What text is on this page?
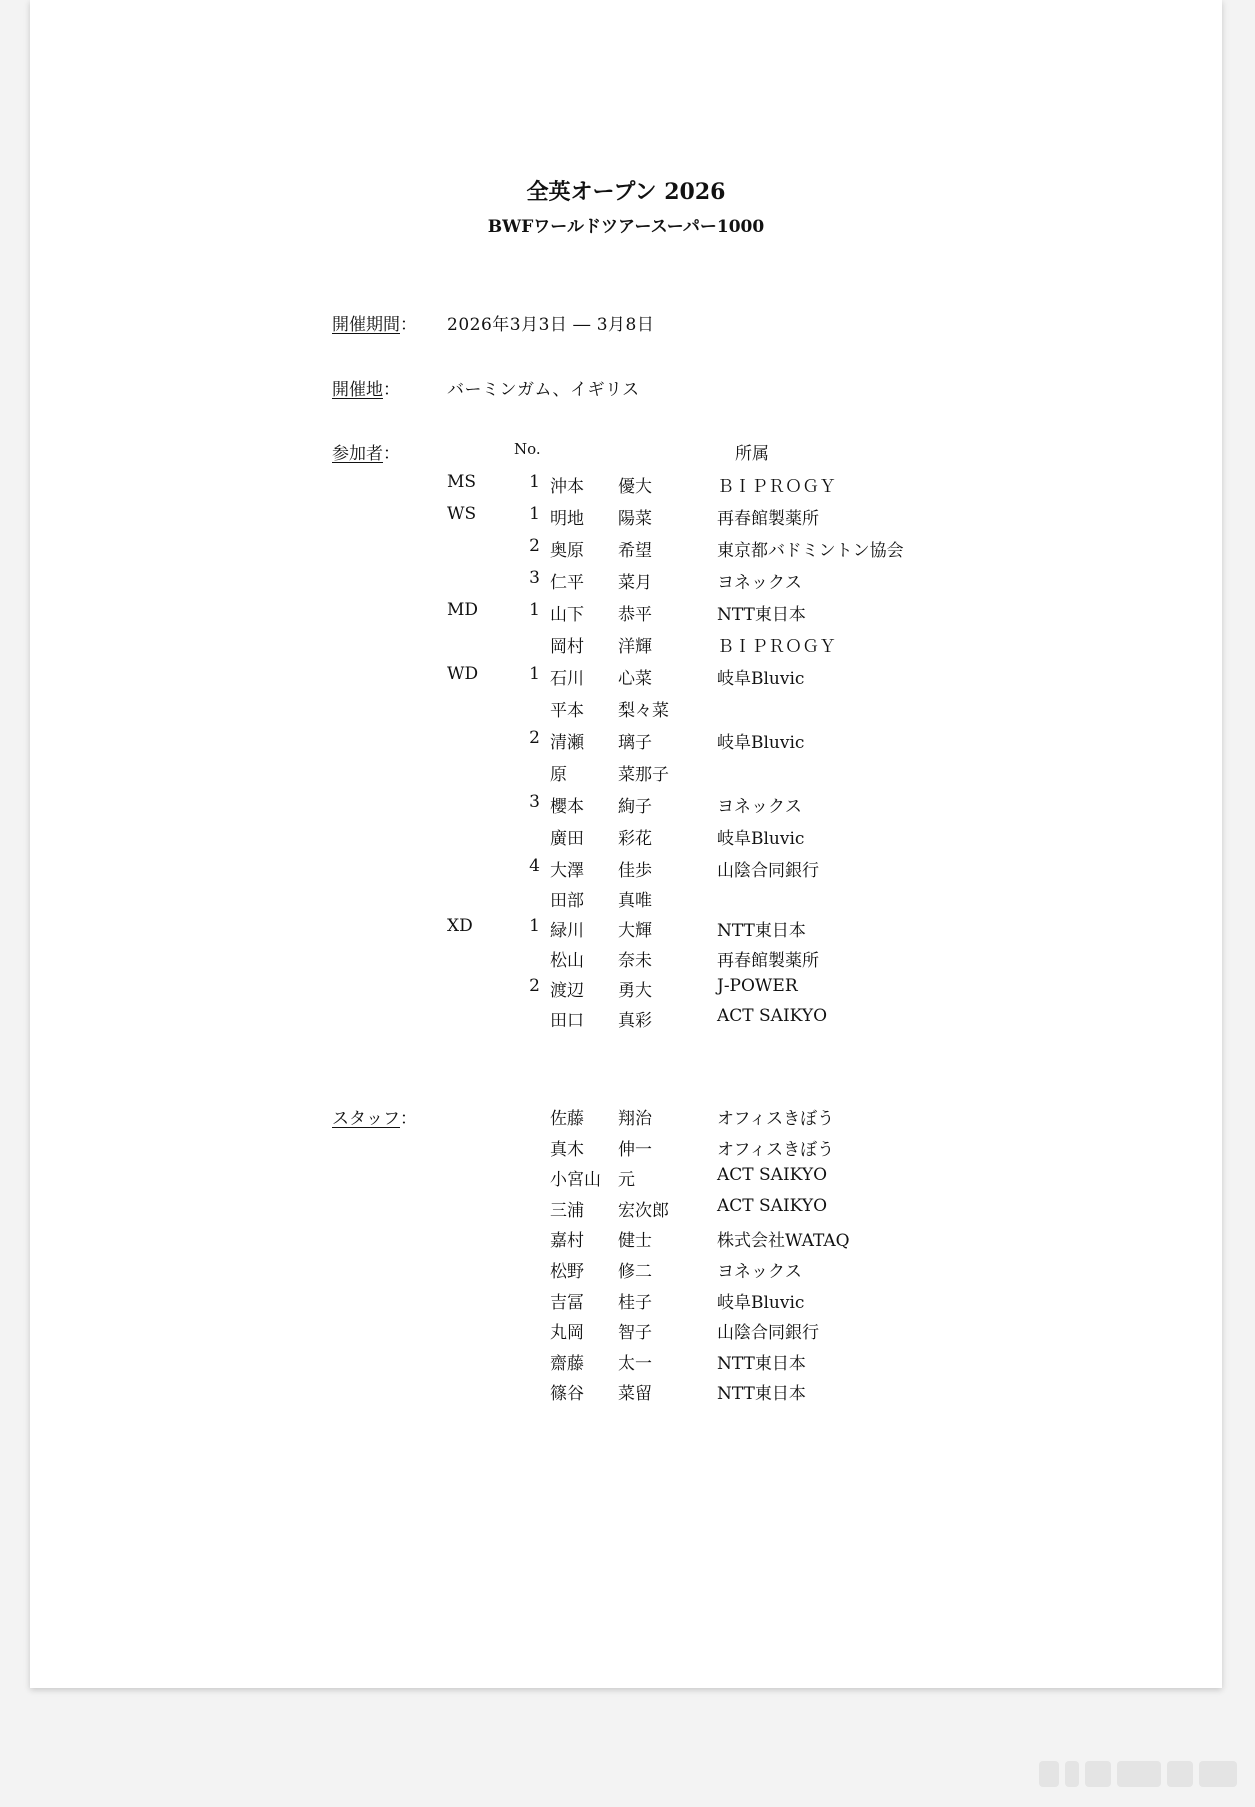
全英オープン 2026
BWFワールドツアースーパー1000
開催期間： 2026年3月3日 ― 3月8日
開催地：	バーミンガム、イギリス
参加者：	No.	所属
MS	1 沖本 優大	ＢＩＰＲＯＧＹ
WS	1 明地 陽菜	再春館製薬所
2 奥原 希望	東京都バドミントン協会
3 仁平 菜月	ヨネックス
MD	1 山下 恭平	NTT東日本
岡村 洋輝	ＢＩＰＲＯＧＹ
WD	1 石川 心菜	岐阜Bluvic
平本 梨々菜
2 清瀬 璃子	岐阜Bluvic
原	菜那子
3 櫻本 絢子	ヨネックス
廣田 彩花	岐阜Bluvic
4 大澤 佳歩	山陰合同銀行
田部 真唯
XD	1 緑川 大輝	NTT東日本
松山 奈未	再春館製薬所
2 渡辺 勇大	J-POWER
田口 真彩	ACT SAIKYO
スタッフ：	佐藤 翔治	オフィスきぼう
真木 伸一	オフィスきぼう
小宮山 元	ACT SAIKYO
三浦 宏次郎	ACT SAIKYO
嘉村 健士	株式会社WATAQ
松野 修二	ヨネックス
吉冨 桂子	岐阜Bluvic
丸岡 智子	山陰合同銀行
齋藤 太一	NTT東日本
篠谷 菜留	NTT東日本
